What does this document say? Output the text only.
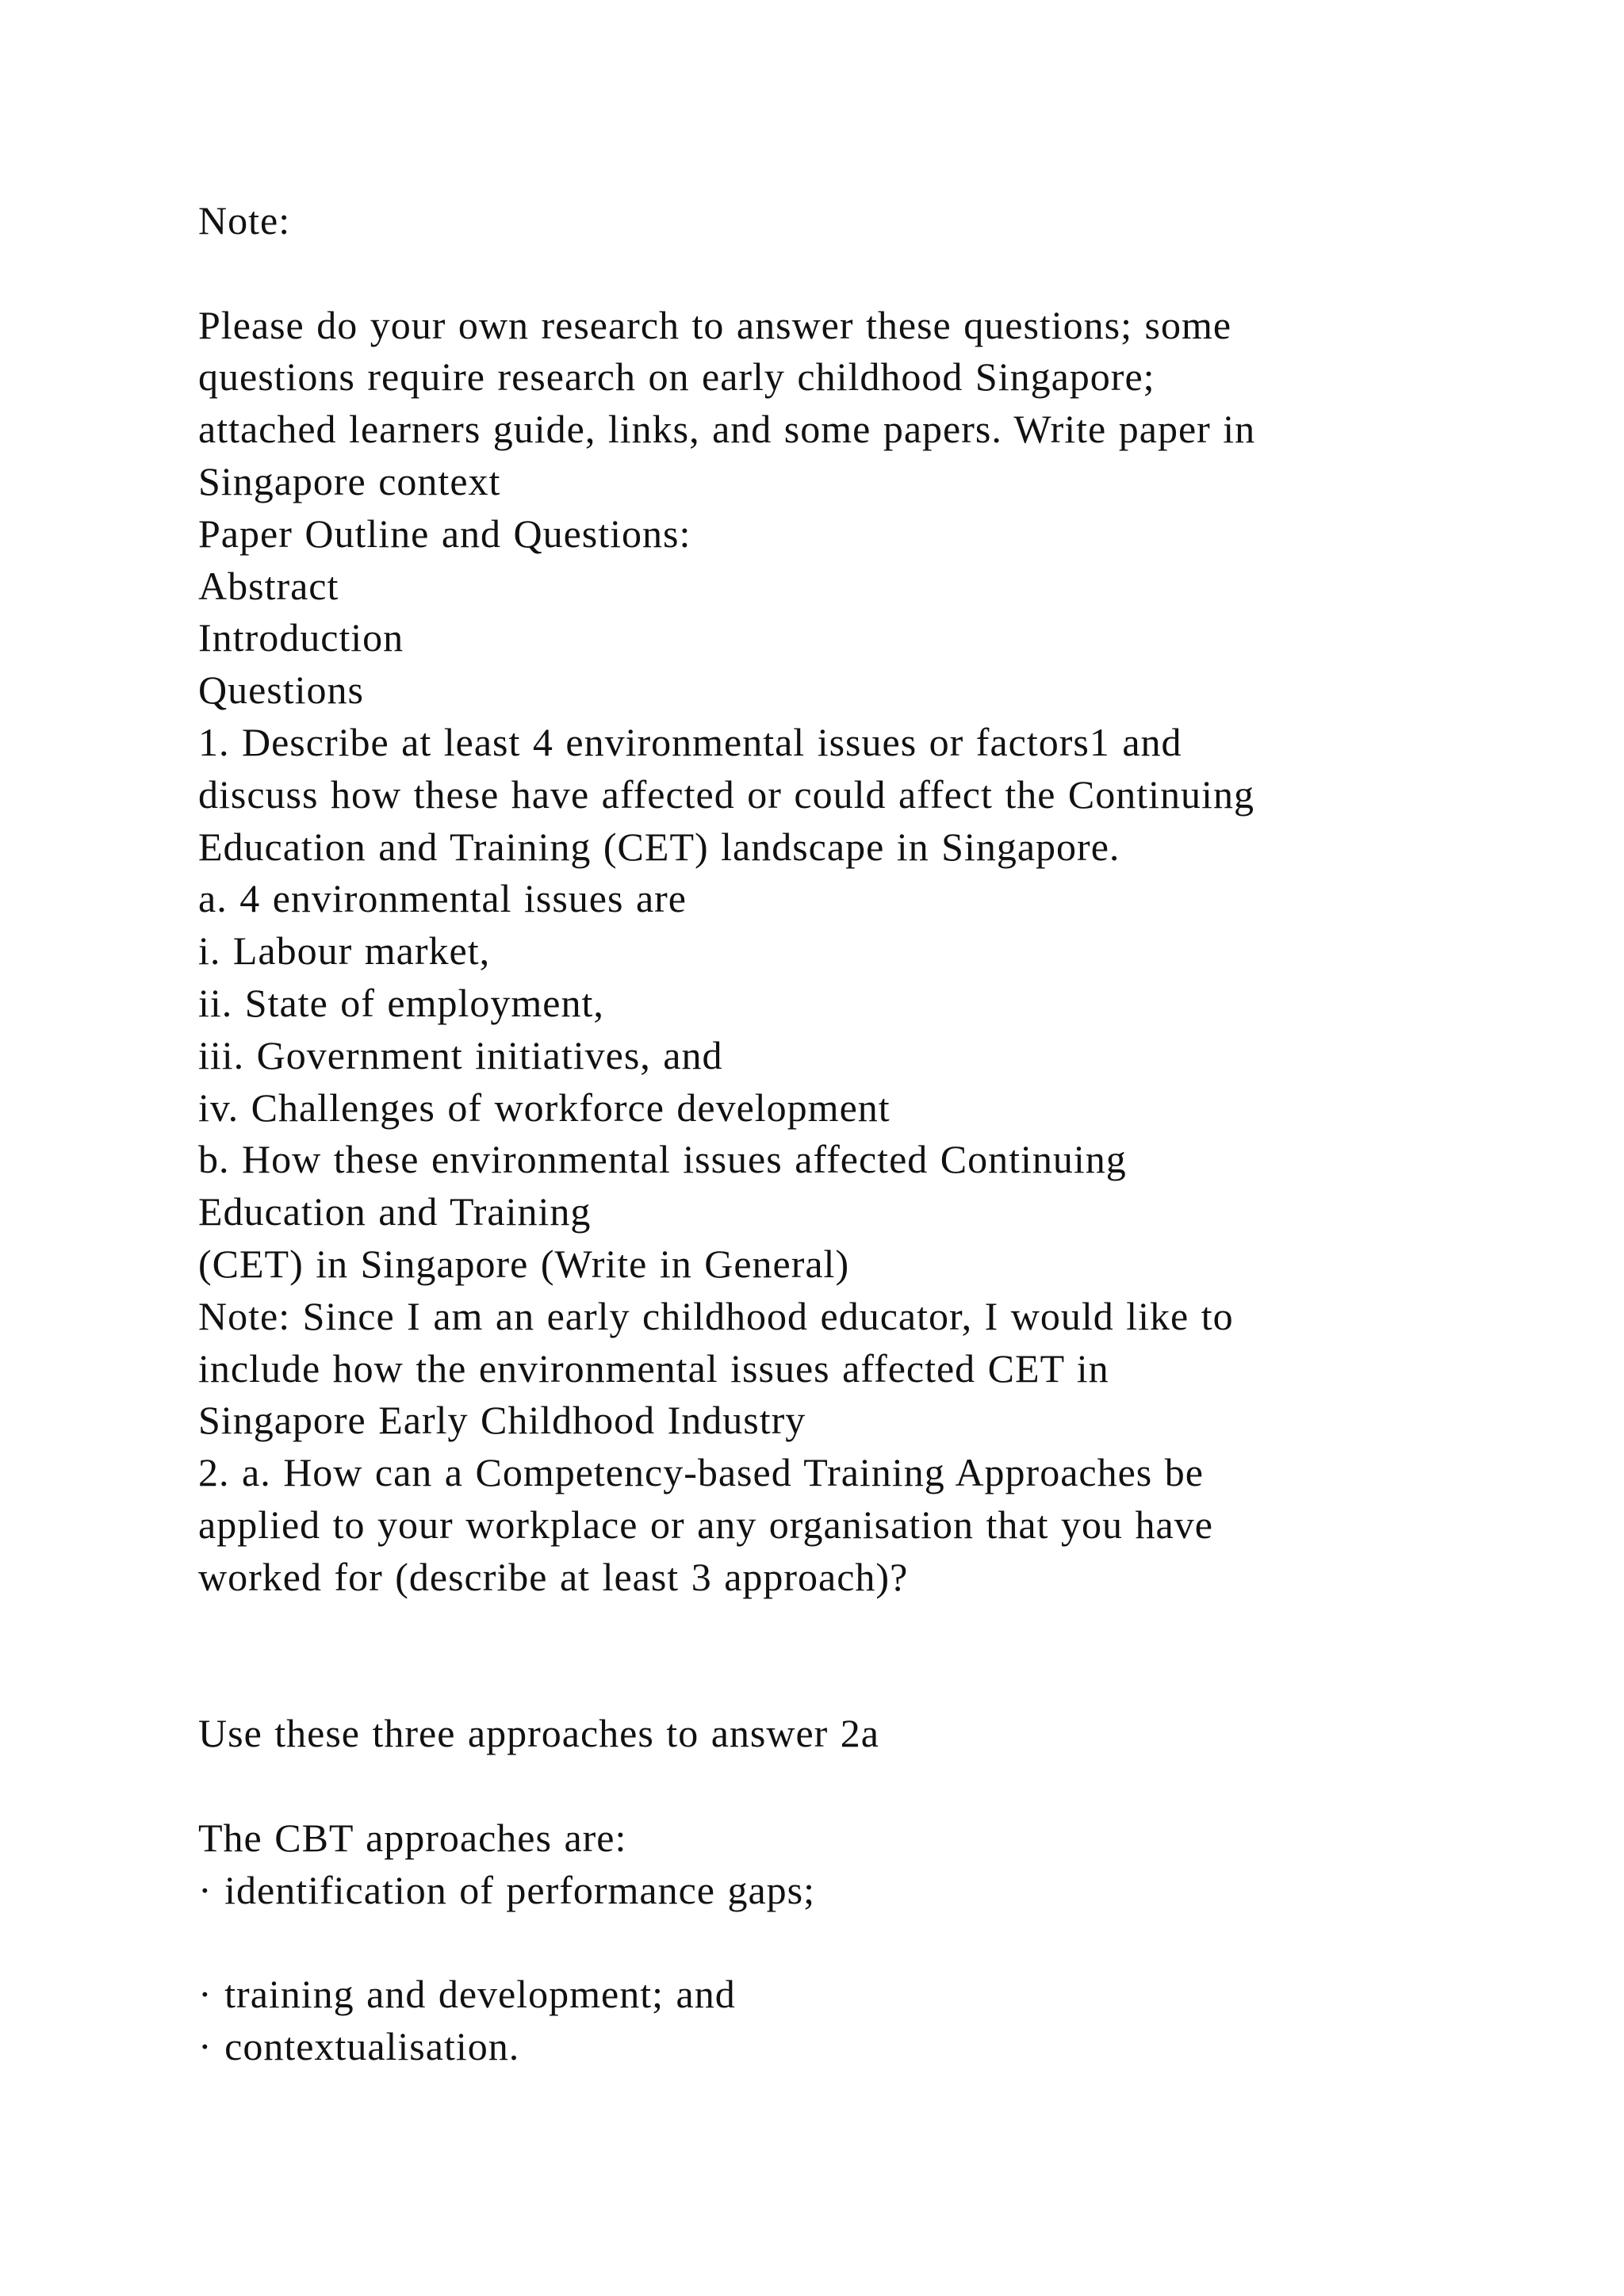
Note:
Please do your own research to answer these questions; some
questions require research on early childhood Singapore;
attached learners guide, links, and some papers. Write paper in
Singapore context
Paper Outline and Questions:
Abstract
Introduction
Questions
1. Describe at least 4 environmental issues or factors1 and
discuss how these have affected or could affect the Continuing
Education and Training (CET) landscape in Singapore.
a. 4 environmental issues are
i. Labour market,
ii. State of employment,
iii. Government initiatives, and
iv. Challenges of workforce development
b. How these environmental issues affected Continuing
Education and Training
(CET) in Singapore (Write in General)
Note: Since I am an early childhood educator, I would like to
include how the environmental issues affected CET in
Singapore Early Childhood Industry
2. a. How can a Competency-based Training Approaches be
applied to your workplace or any organisation that you have
worked for (describe at least 3 approach)?
Use these three approaches to answer 2a
The CBT approaches are:
· identification of performance gaps;
· training and development; and
· contextualisation.
